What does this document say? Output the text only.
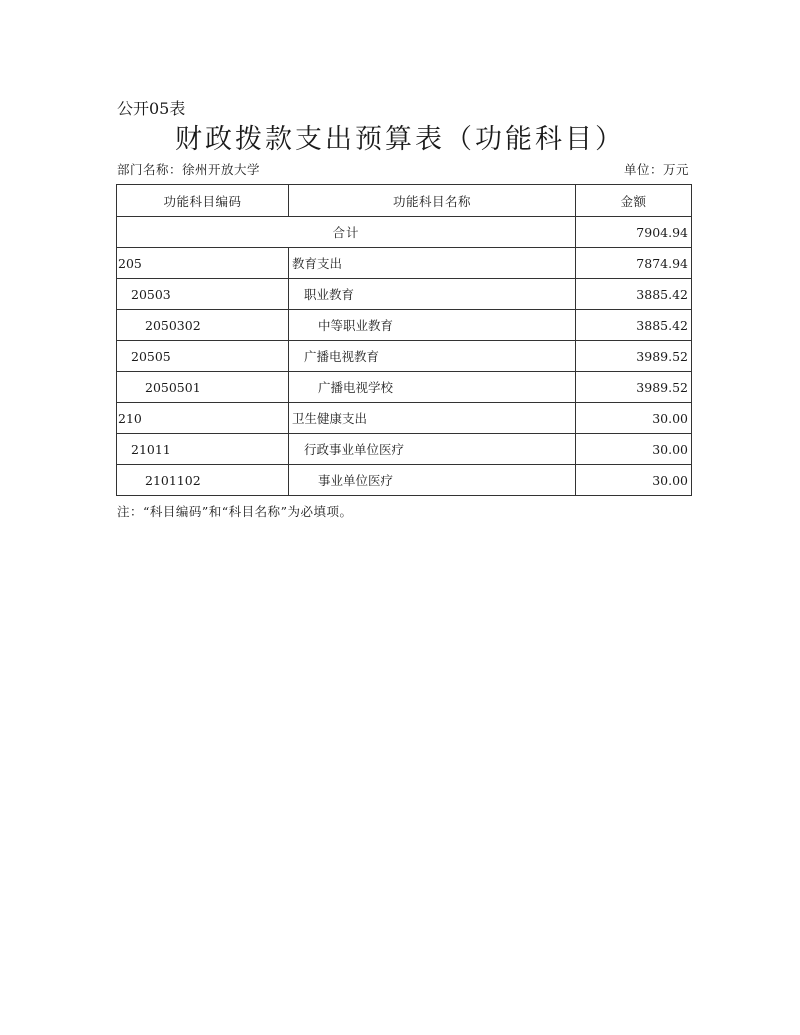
公开05表
财政拨款支出预算表（功能科目）
部门名称：徐州开放大学	单位：万元
功能科目编码	功能科目名称	金额
合计		7904.94
205	教育支出	7874.94
20503	职业教育	3885.42
2050302	中等职业教育	3885.42
20505	广播电视教育	3989.52
2050501	广播电视学校	3989.52
210	卫生健康支出	30.00
21011	行政事业单位医疗	30.00
2101102	事业单位医疗	30.00
注：“科目编码”和“科目名称”为必填项。
